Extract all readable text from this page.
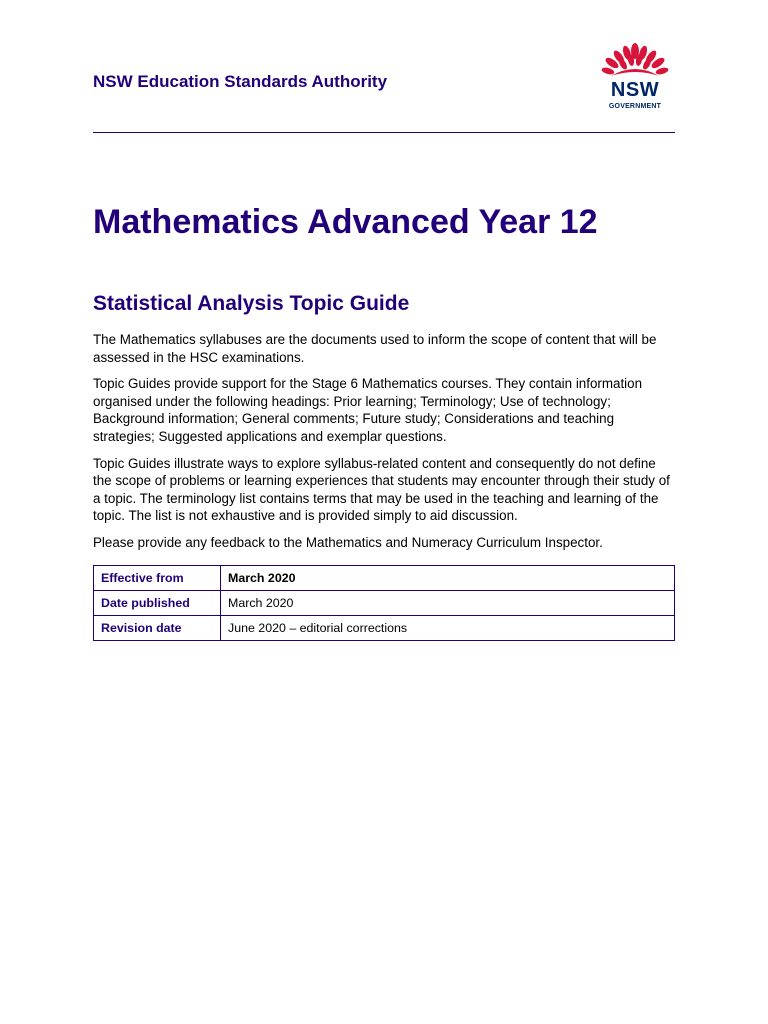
NSW Education Standards Authority	NSW
GOVERNMENT
Mathematics Advanced Year 12
Statistical Analysis Topic Guide

The Mathematics syllabuses are the documents used to inform the scope of content that will be assessed in the HSC examinations.

Topic Guides provide support for the Stage 6 Mathematics courses. They contain information organised under the following headings: Prior learning; Terminology; Use of technology; Background information; General comments; Future study; Considerations and teaching strategies; Suggested applications and exemplar questions.

Topic Guides illustrate ways to explore syllabus-related content and consequently do not define the scope of problems or learning experiences that students may encounter through their study of a topic. The terminology list contains terms that may be used in the teaching and learning of the topic. The list is not exhaustive and is provided simply to aid discussion.

Please provide any feedback to the Mathematics and Numeracy Curriculum Inspector.

Effective from	March 2020
Date published	March 2020
Revision date	June 2020 – editorial corrections
